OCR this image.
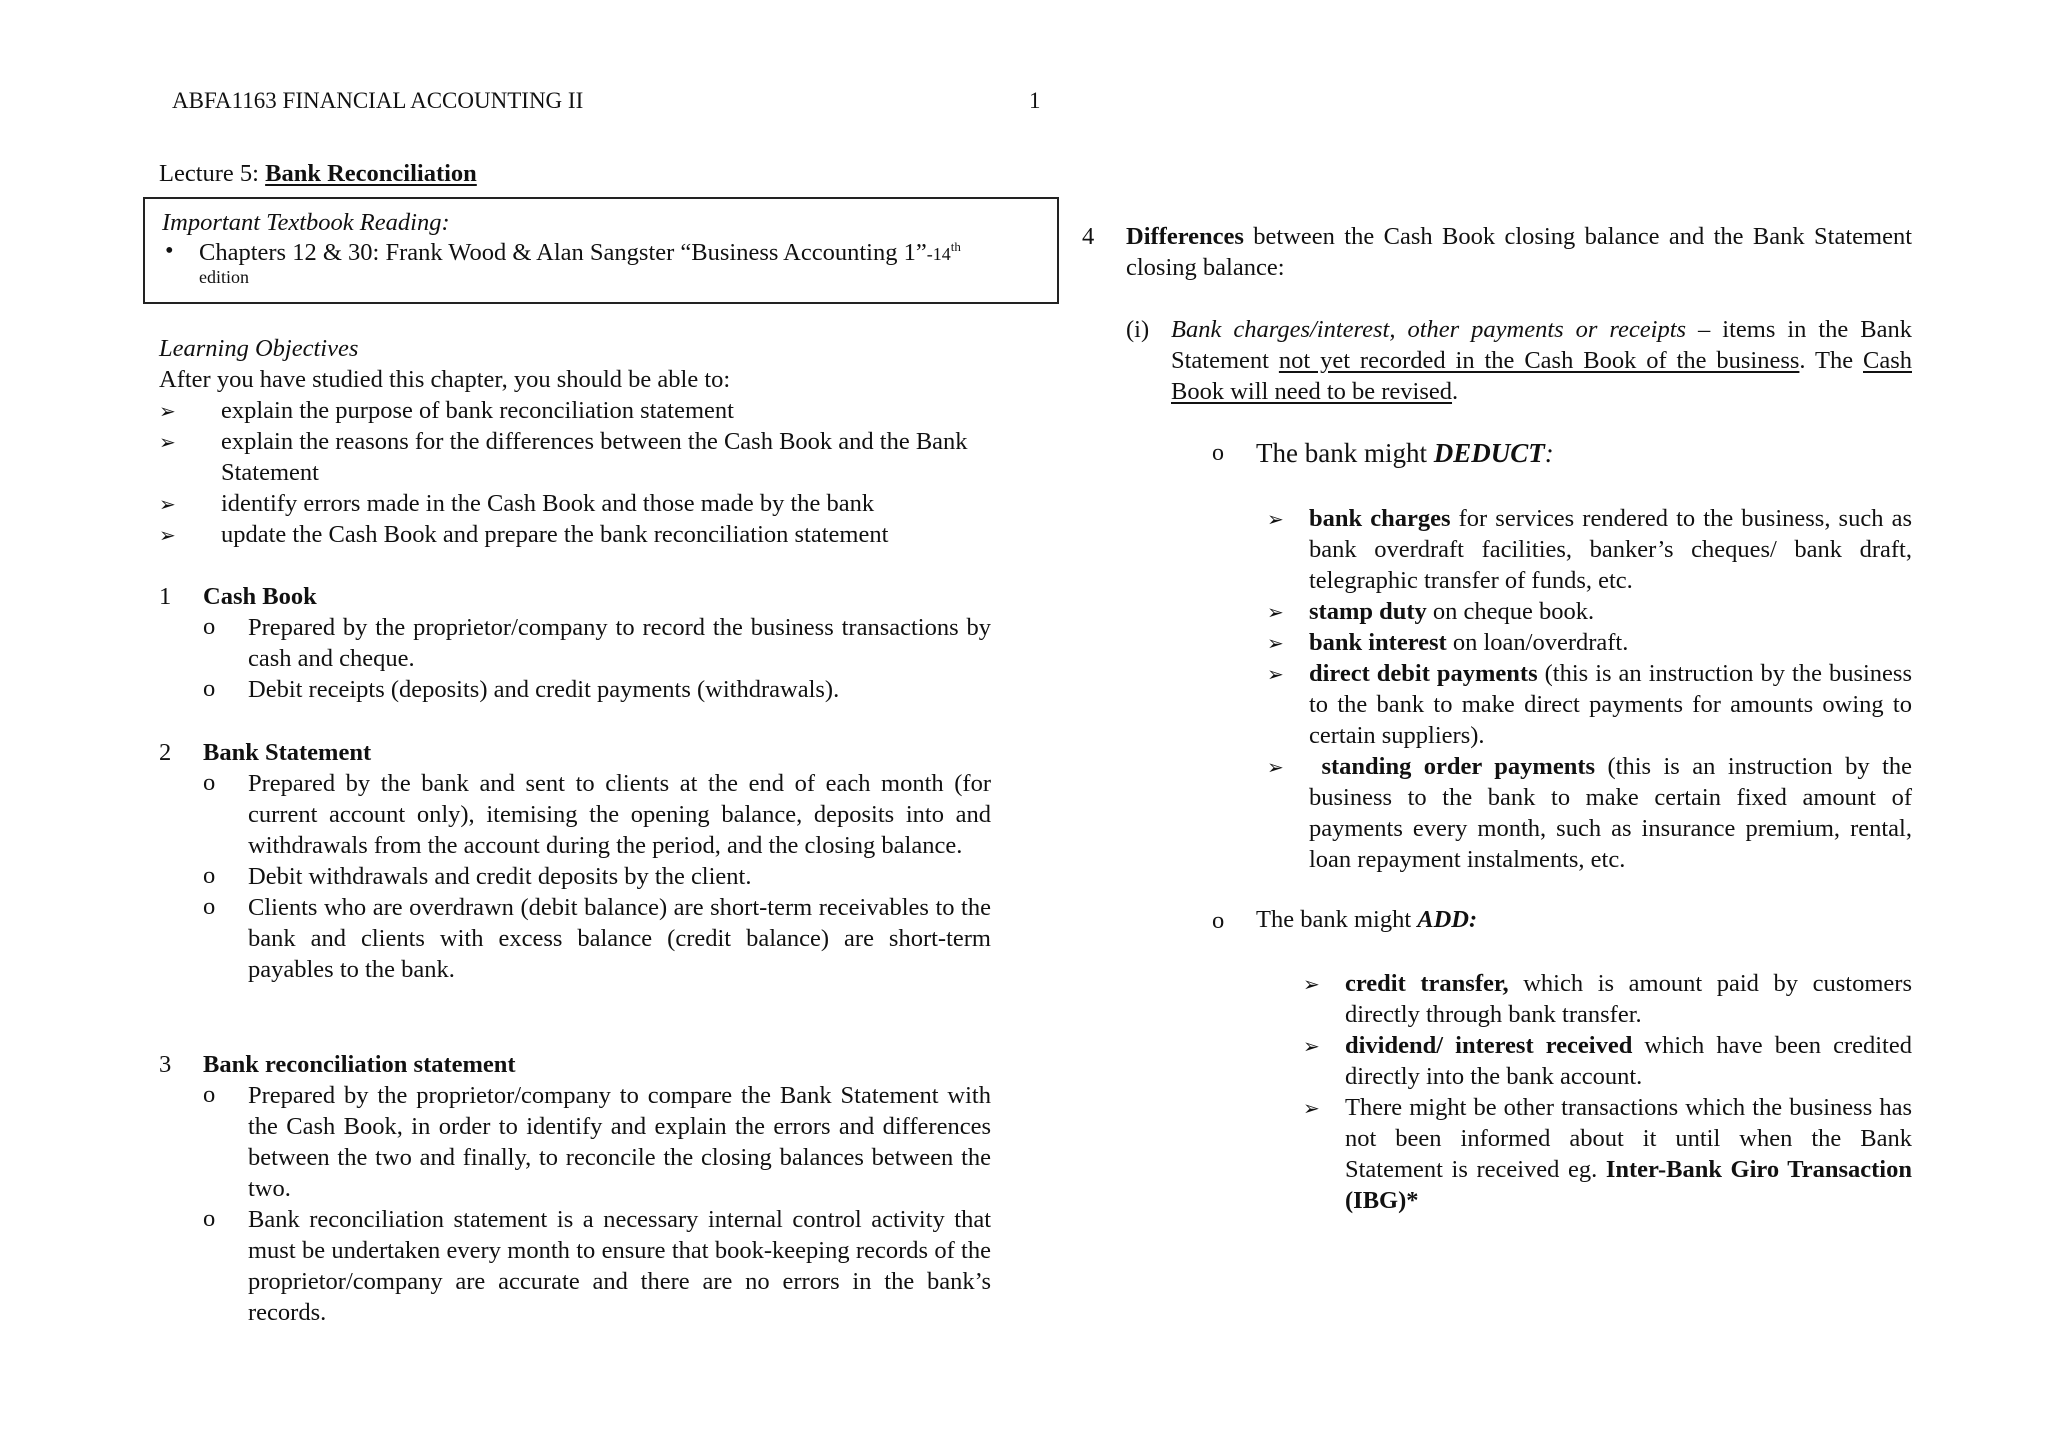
ABFA1163 FINANCIAL ACCOUNTING II	1
Lecture 5: Bank Reconciliation
Important Textbook Reading:
• Chapters 12 & 30: Frank Wood & Alan Sangster “Business Accounting 1”-14th
edition
Learning Objectives
After you have studied this chapter, you should be able to:
➢ explain the purpose of bank reconciliation statement
➢ explain the reasons for the differences between the Cash Book and the Bank Statement
➢ identify errors made in the Cash Book and those made by the bank
➢ update the Cash Book and prepare the bank reconciliation statement
1 Cash Book
o Prepared by the proprietor/company to record the business transactions by cash and cheque.
o Debit receipts (deposits) and credit payments (withdrawals).
2 Bank Statement
o Prepared by the bank and sent to clients at the end of each month (for current account only), itemising the opening balance, deposits into and withdrawals from the account during the period, and the closing balance.
o Debit withdrawals and credit deposits by the client.
o Clients who are overdrawn (debit balance) are short-term receivables to the bank and clients with excess balance (credit balance) are short-term payables to the bank.
3 Bank reconciliation statement
o Prepared by the proprietor/company to compare the Bank Statement with the Cash Book, in order to identify and explain the errors and differences between the two and finally, to reconcile the closing balances between the two.
o Bank reconciliation statement is a necessary internal control activity that must be undertaken every month to ensure that book-keeping records of the proprietor/company are accurate and there are no errors in the bank’s records.
4 Differences between the Cash Book closing balance and the Bank Statement closing balance:
(i) Bank charges/interest, other payments or receipts – items in the Bank Statement not yet recorded in the Cash Book of the business. The Cash Book will need to be revised.
o The bank might DEDUCT:
➢ bank charges for services rendered to the business, such as bank overdraft facilities, banker’s cheques/ bank draft, telegraphic transfer of funds, etc.
➢ stamp duty on cheque book.
➢ bank interest on loan/overdraft.
➢ direct debit payments (this is an instruction by the business to the bank to make direct payments for amounts owing to certain suppliers).
➢ standing order payments (this is an instruction by the business to the bank to make certain fixed amount of payments every month, such as insurance premium, rental, loan repayment instalments, etc.
o The bank might ADD:
➢ credit transfer, which is amount paid by customers directly through bank transfer.
➢ dividend/ interest received which have been credited directly into the bank account.
➢ There might be other transactions which the business has not been informed about it until when the Bank Statement is received eg. Inter-Bank Giro Transaction (IBG)*
